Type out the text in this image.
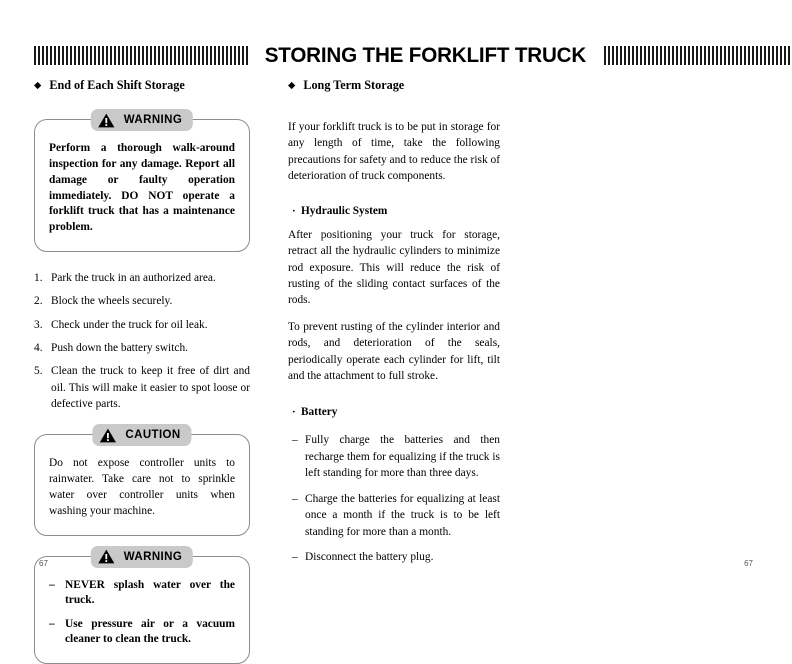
STORING THE FORKLIFT TRUCK
◆ End of Each Shift Storage
WARNING
Perform a thorough walk-around inspection for any damage. Report all damage or faulty operation immediately. DO NOT operate a forklift truck that has a maintenance problem.
1. Park the truck in an authorized area.
2. Block the wheels securely.
3. Check under the truck for oil leak.
4. Push down the battery switch.
5. Clean the truck to keep it free of dirt and oil. This will make it easier to spot loose or defective parts.
CAUTION
Do not expose controller units to rainwater. Take care not to sprinkle water over controller units when washing your machine.
WARNING
– NEVER splash water over the truck.
– Use pressure air or a vacuum cleaner to clean the truck.
◆ Long Term Storage

If your forklift truck is to be put in storage for any length of time, take the following precautions for safety and to reduce the risk of deterioration of truck components.

· Hydraulic System

After positioning your truck for storage, retract all the hydraulic cylinders to minimize rod exposure. This will reduce the risk of rusting of the sliding contact surfaces of the rods.

To prevent rusting of the cylinder interior and rods, and deterioration of the seals, periodically operate each cylinder for lift, tilt and the attachment to full stroke.

· Battery
– Fully charge the batteries and then recharge them for equalizing if the truck is left standing for more than three days.
– Charge the batteries for equalizing at least once a month if the truck is to be left standing for more than a month.
– Disconnect the battery plug.
67	67
